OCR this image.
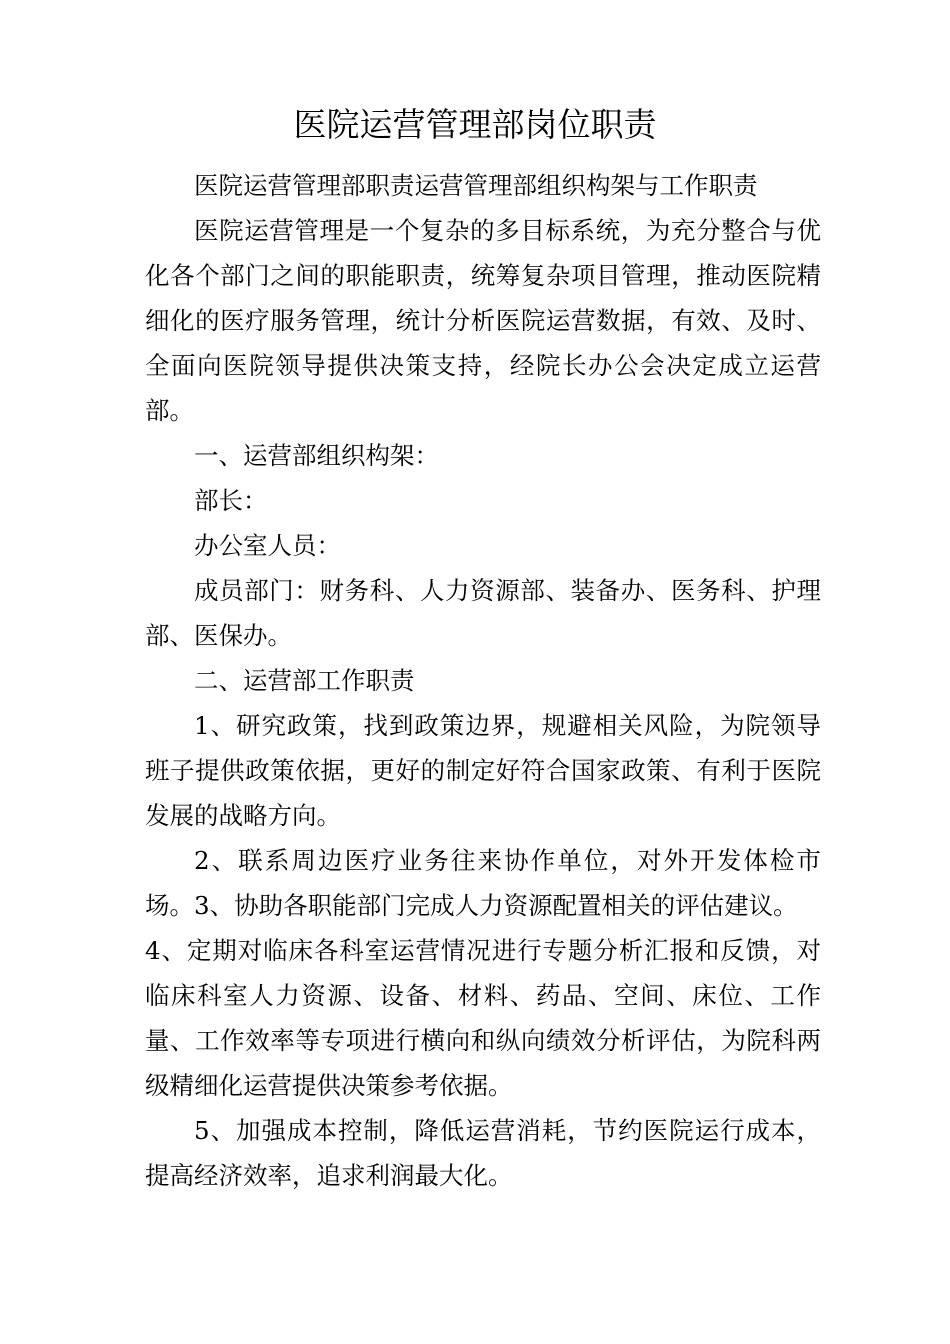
医院运营管理部岗位职责

医院运营管理部职责运营管理部组织构架与工作职责

医院运营管理是一个复杂的多目标系统，为充分整合与优化各个部门之间的职能职责，统筹复杂项目管理，推动医院精细化的医疗服务管理，统计分析医院运营数据，有效、及时、全面向医院领导提供决策支持，经院长办公会决定成立运营部。

一、运营部组织构架：

部长：

办公室人员：

成员部门：财务科、人力资源部、装备办、医务科、护理部、医保办。

二、运营部工作职责

1、研究政策，找到政策边界，规避相关风险，为院领导班子提供政策依据，更好的制定好符合国家政策、有利于医院发展的战略方向。

2、联系周边医疗业务往来协作单位，对外开发体检市场。3、协助各职能部门完成人力资源配置相关的评估建议。

4、定期对临床各科室运营情况进行专题分析汇报和反馈，对临床科室人力资源、设备、材料、药品、空间、床位、工作量、工作效率等专项进行横向和纵向绩效分析评估，为院科两级精细化运营提供决策参考依据。

5、加强成本控制，降低运营消耗，节约医院运行成本，提高经济效率，追求利润最大化。
